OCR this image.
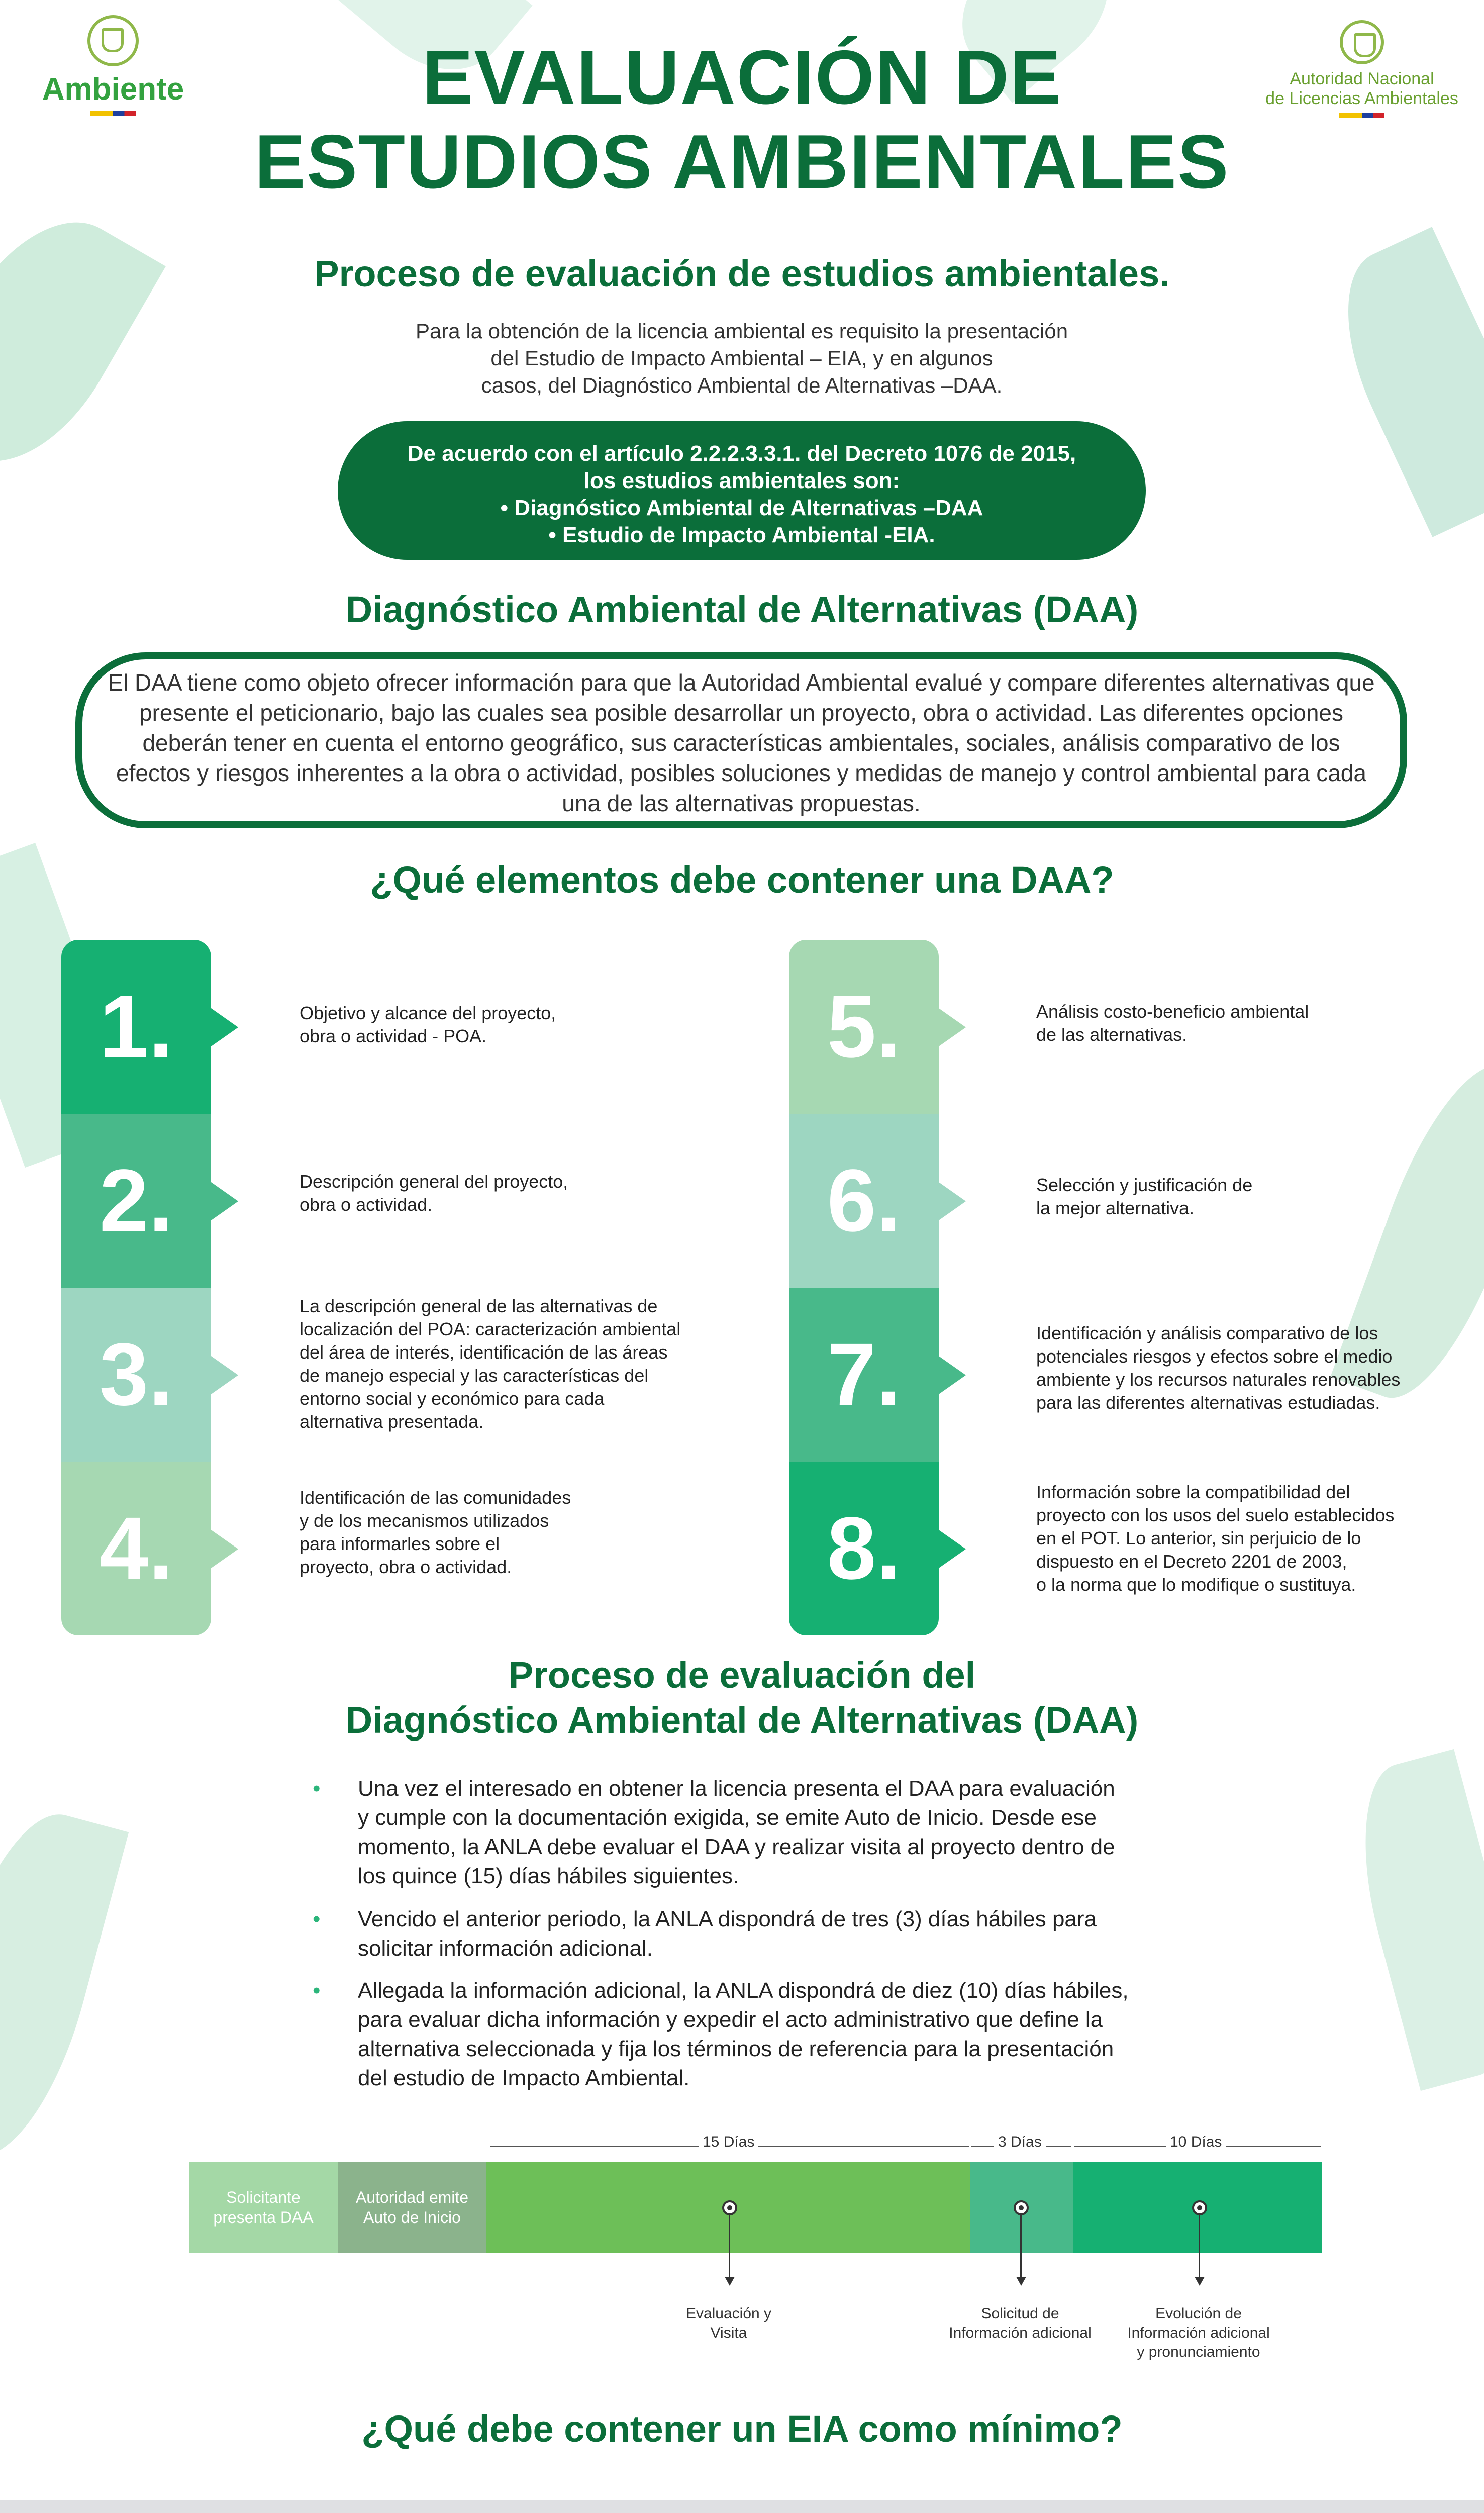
Ambiente	Autoridad Nacional
de Licencias Ambientales
EVALUACIÓN DE
ESTUDIOS AMBIENTALES
Proceso de evaluación de estudios ambientales.
Para la obtención de la licencia ambiental es requisito la presentación
del Estudio de Impacto Ambiental – EIA, y en algunos
casos, del Diagnóstico Ambiental de Alternativas –DAA.
De acuerdo con el artículo 2.2.2.3.3.1. del Decreto 1076 de 2015,
los estudios ambientales son:
• Diagnóstico Ambiental de Alternativas –DAA
• Estudio de Impacto Ambiental -EIA.
Diagnóstico Ambiental de Alternativas (DAA)
El DAA tiene como objeto ofrecer información para que la Autoridad Ambiental evalué y compare diferentes alternativas que presente el peticionario, bajo las cuales sea posible desarrollar un proyecto, obra o actividad. Las diferentes opciones deberán tener en cuenta el entorno geográfico, sus características ambientales, sociales, análisis comparativo de los efectos y riesgos inherentes a la obra o actividad, posibles soluciones y medidas de manejo y control ambiental para cada una de las alternativas propuestas.
¿Qué elementos debe contener una DAA?
1.
2.
3.
4.
Objetivo y alcance del proyecto,
obra o actividad - POA.
Descripción general del proyecto,
obra o actividad.
La descripción general de las alternativas de
localización del POA: caracterización ambiental
del área de interés, identificación de las áreas
de manejo especial y las características del
entorno social y económico para cada
alternativa presentada.
Identificación de las comunidades
y de los mecanismos utilizados
para informarles sobre el
proyecto, obra o actividad.
5.
6.
7.
8.
Análisis costo-beneficio ambiental
de las alternativas.
Selección y justificación de
la mejor alternativa.
Identificación y análisis comparativo de los
potenciales riesgos y efectos sobre el medio
ambiente y los recursos naturales renovables
para las diferentes alternativas estudiadas.
Información sobre la compatibilidad del
proyecto con los usos del suelo establecidos
en el POT. Lo anterior, sin perjuicio de lo
dispuesto en el Decreto 2201 de 2003,
o la norma que lo modifique o sustituya.
Proceso de evaluación del
Diagnóstico Ambiental de Alternativas (DAA)
• Una vez el interesado en obtener la licencia presenta el DAA para evaluación y cumple con la documentación exigida, se emite Auto de Inicio. Desde ese momento, la ANLA debe evaluar el DAA y realizar visita al proyecto dentro de los quince (15) días hábiles siguientes.
• Vencido el anterior periodo, la ANLA dispondrá de tres (3) días hábiles para solicitar información adicional.
• Allegada la información adicional, la ANLA dispondrá de diez (10) días hábiles, para evaluar dicha información y expedir el acto administrativo que define la alternativa seleccionada y fija los términos de referencia para la presentación del estudio de Impacto Ambiental.
15 Días	3 Días	10 Días
Solicitante
presenta DAA
Autoridad emite
Auto de Inicio
Evaluación y
Visita
Solicitud de
Información adicional
Evolución de
Información adicional
y pronunciamiento
¿Qué debe contener un EIA como mínimo?
